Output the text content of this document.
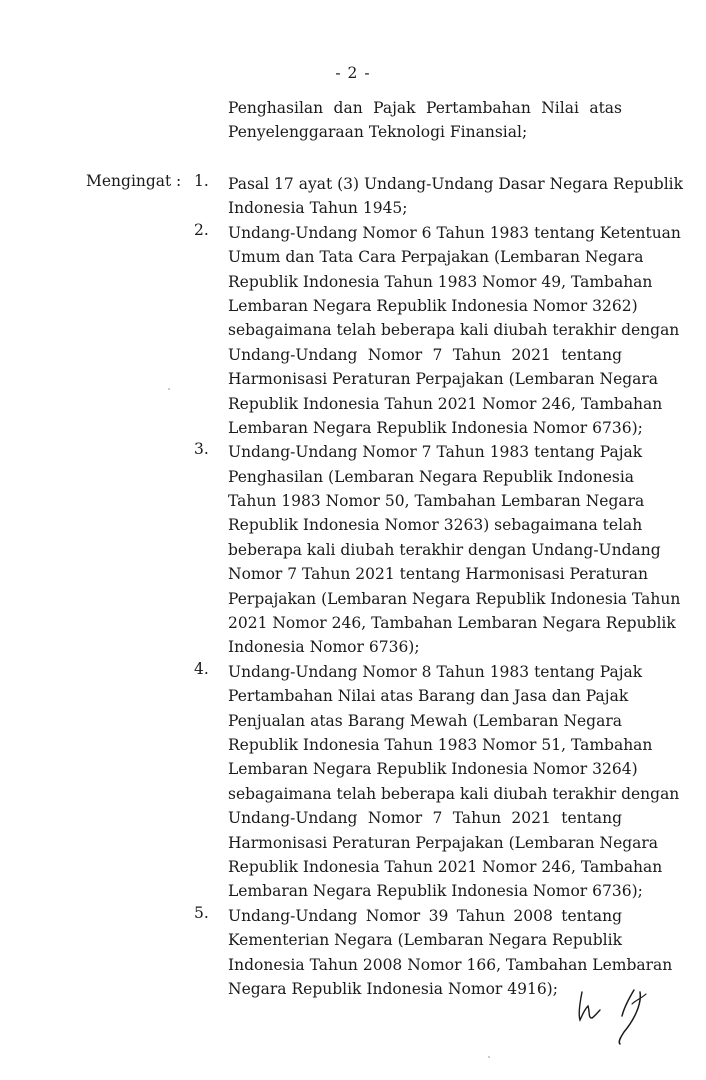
- 2 -
Penghasilan dan Pajak Pertambahan Nilai atas
Penyelenggaraan Teknologi Finansial;
Mengingat : 1.	Pasal 17 ayat (3) Undang-Undang Dasar Negara Republik
Indonesia Tahun 1945;
2.	Undang-Undang Nomor 6 Tahun 1983 tentang Ketentuan
Umum dan Tata Cara Perpajakan (Lembaran Negara
Republik Indonesia Tahun 1983 Nomor 49, Tambahan
Lembaran Negara Republik Indonesia Nomor 3262)
sebagaimana telah beberapa kali diubah terakhir dengan
Undang-Undang Nomor 7 Tahun 2021 tentang
Harmonisasi Peraturan Perpajakan (Lembaran Negara
Republik Indonesia Tahun 2021 Nomor 246, Tambahan
Lembaran Negara Republik Indonesia Nomor 6736);
3.	Undang-Undang Nomor 7 Tahun 1983 tentang Pajak
Penghasilan (Lembaran Negara Republik Indonesia
Tahun 1983 Nomor 50, Tambahan Lembaran Negara
Republik Indonesia Nomor 3263) sebagaimana telah
beberapa kali diubah terakhir dengan Undang-Undang
Nomor 7 Tahun 2021 tentang Harmonisasi Peraturan
Perpajakan (Lembaran Negara Republik Indonesia Tahun
2021 Nomor 246, Tambahan Lembaran Negara Republik
Indonesia Nomor 6736);
4.	Undang-Undang Nomor 8 Tahun 1983 tentang Pajak
Pertambahan Nilai atas Barang dan Jasa dan Pajak
Penjualan atas Barang Mewah (Lembaran Negara
Republik Indonesia Tahun 1983 Nomor 51, Tambahan
Lembaran Negara Republik Indonesia Nomor 3264)
sebagaimana telah beberapa kali diubah terakhir dengan
Undang-Undang Nomor 7 Tahun 2021 tentang
Harmonisasi Peraturan Perpajakan (Lembaran Negara
Republik Indonesia Tahun 2021 Nomor 246, Tambahan
Lembaran Negara Republik Indonesia Nomor 6736);
5.	Undang-Undang Nomor 39 Tahun 2008 tentang
Kementerian Negara (Lembaran Negara Republik
Indonesia Tahun 2008 Nomor 166, Tambahan Lembaran
Negara Republik Indonesia Nomor 4916);
